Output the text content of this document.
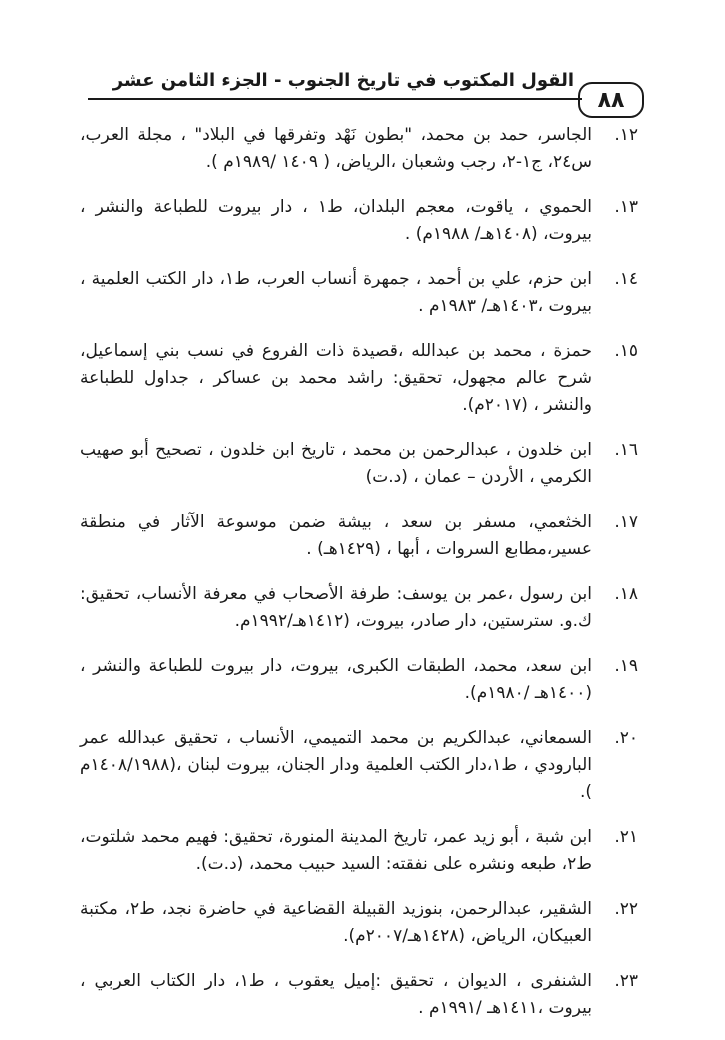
٨٨
القول المكتوب في تاريخ الجنوب - الجزء الثامن عشر
١٢.
الجاسر، حمد بن محمد، "بطون نَهْد وتفرقها في البلاد" ، مجلة العرب، س٢٤، ج١-٢، رجب وشعبان ،الرياض، ( ١٤٠٩ /١٩٨٩م ).
١٣.
الحموي ، ياقوت، معجم البلدان، ط١ ، دار بيروت للطباعة والنشر ، بيروت، (١٤٠٨هـ/ ١٩٨٨م) .
١٤.
ابن حزم، علي بن أحمد ، جمهرة أنساب العرب، ط١، دار الكتب العلمية ، بيروت ،١٤٠٣هـ/ ١٩٨٣م .
١٥.
حمزة ، محمد بن عبدالله ،قصيدة ذات الفروع في نسب بني إسماعيل، شرح عالم مجهول، تحقيق: راشد محمد بن عساكر ، جداول للطباعة والنشر ، (٢٠١٧م).
١٦.
ابن خلدون ، عبدالرحمن بن محمد ، تاريخ ابن خلدون ، تصحيح أبو صهيب الكرمي ، الأردن – عمان ، (د.ت)
١٧.
الخثعمي، مسفر بن سعد ، بيشة ضمن موسوعة الآثار في منطقة عسير،مطابع السروات ، أبها ، (١٤٢٩هـ) .
١٨.
ابن رسول ،عمر بن يوسف: طرفة الأصحاب في معرفة الأنساب، تحقيق: ك.و. سترستين، دار صادر، بيروت، (١٤١٢هـ/١٩٩٢م.
١٩.
ابن سعد، محمد، الطبقات الكبرى، بيروت، دار بيروت للطباعة والنشر ، (١٤٠٠هـ /١٩٨٠م).
٢٠.
السمعاني، عبدالكريم بن محمد التميمي، الأنساب ، تحقيق عبدالله عمر البارودي ، ط١،دار الكتب العلمية ودار الجنان، بيروت لبنان ،(١٤٠٨/١٩٨٨م ).
٢١.
ابن شبة ، أبو زيد عمر، تاريخ المدينة المنورة، تحقيق: فهيم محمد شلتوت، ط٢، طبعه ونشره على نفقته: السيد حبيب محمد، (د.ت).
٢٢.
الشقير، عبدالرحمن، بنوزيد القبيلة القضاعية في حاضرة نجد، ط٢، مكتبة العبيكان، الرياض، (١٤٢٨هـ/٢٠٠٧م).
٢٣.
الشنفرى ، الديوان ، تحقيق :إميل يعقوب ، ط١، دار الكتاب العربي ، بيروت ،١٤١١هـ /١٩٩١م .
